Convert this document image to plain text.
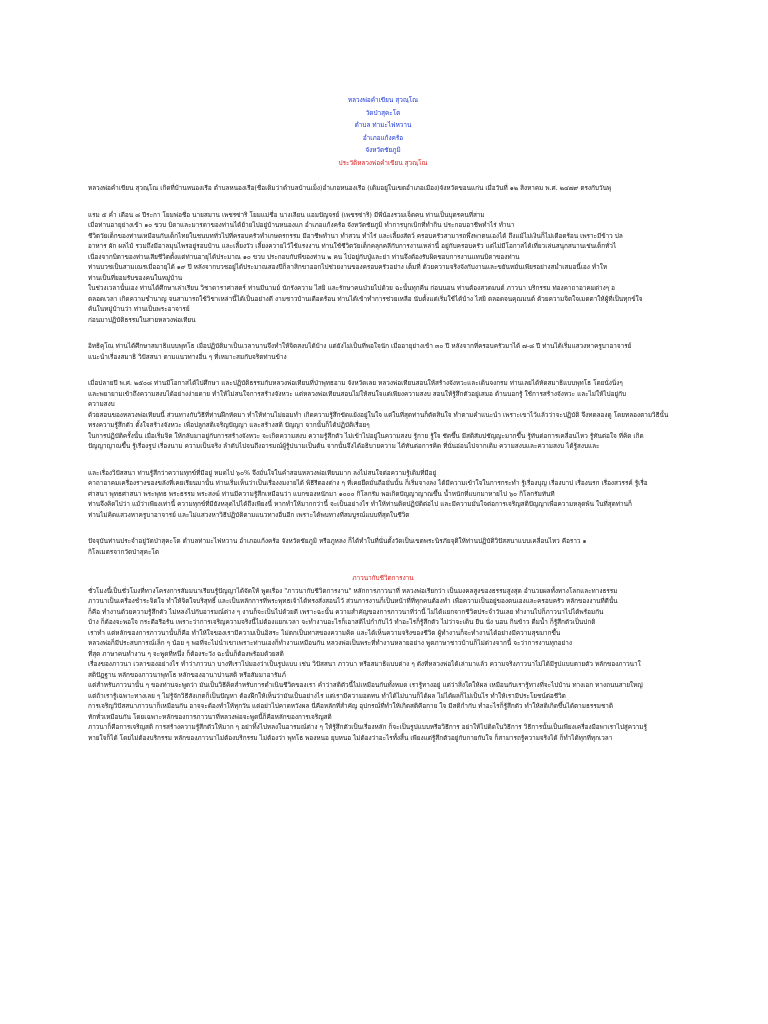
หลวงพ่อคำเขียน สุวณฺโณ
วัดป่าสุคะโต
ตำบล ท่ามะไฟหวาน
อำเภอแก้งคร้อ
จังหวัดชัยภูมิ
ประวัติหลวงพ่อคำเขียน สุวณฺโณ
หลวงพ่อคำเขียน สุวณฺโณ เกิดที่บ้านหนองเรือ ตำบลหนองเรือ(ชื่อเดิมว่าตำบลบ้านเม็ง)อำเภอหนองเรือ (เดิมอยู่ในเขตอำเภอเมือง)จังหวัดขอนแก่น เมื่อวันที่ ๑๒ สิงหาคม พ.ศ. ๒๔๗๙ ตรงกับวันพุ
แรม ๕ ค่ำ เดือน ๘ ปีระกา โยมพ่อชื่อ นายสมาน เพชรซ่าริ โยมแม่ชื่อ นางเลียน แอมปัญจรย์ (เพชรซ่าริ) มีพี่น้องรวมเจ็ดคน ท่านเป็นบุตรคนที่สาม
เมื่อท่านอายุย่างเข้า ๑๐ ขวบ บิดาและมารดาของท่านได้ย้ายไปอยู่บ้านหนองแก อำเภอแก้งคร้อ จังหวัดชัยภูมิ ทำการบุกเบิกที่ทำกิน ประกอบอาชีพทำไร่ ทำนา
ชีวิตวัยเด็กของท่านเหมือนกับเด็กไทยในชนบททั่วไปที่ครอบครัวทำเกษตรกรรม มีอาชีพทำนา ทำสวน ทำไร่ และเลี้ยงสัตว์ ครอบครัวสามารถพึ่งพาตนเองได้ ถึงแม้ไม่เงินก็ไม่เดือดร้อน เพราะมีข้าว ปล
อาหาร ผัก ผลไม้ รวมถึงมีอาลมุนไพรอยู่รอบบ้าน และเลี้ยงวัว เลี้ยงควายไว้ใช้แรงงาน ท่านใช้ชีวิตวัยเด็กคลุกคลีกับการงานเหล่านี้ อยู่กับครอบครัว แต่ไม่มีโอกาสได้เที่ยวเล่นสนุกสนานเช่นเด็กทั่วไ
เนื่องจากบิดาของท่านเสียชีวิตตั้งแต่ท่านอายุได้ประมาณ ๑๐ ขวบ ประกอบกับพี่ของท่าน ๒ คน ไปอยู่กับปู่และย่า ท่านจึงต้องรับผิดชอบการงานแทนบิดาของท่าน
ท่านบวชเป็นสามเณรเมื่ออายุได้ ๑๙ ปี หลังจากบวชอยู่ได้ประมาณสองปีก็ลาสิกขาออกไปช่วยงานของครอบครัวอย่าง เต็มที่ ด้วยความจริงจังกับงานและขยันหมั่นเพียรอย่างสม่ำเสมอนี้เอง ทำให
ท่านเป็นที่ยอมรับของคนในหมู่บ้าน
ในช่วงเวลานั้นเอง ท่านได้ศึกษาเล่าเรียน วิชาดาราศาสตร์ ท่านมีนามย์ นักรังความ ไสยิ และรักษาคนป่วยไปด้วย ฉะนั้นทุกคืน ก่อนนอน ท่านต้องสวดมนต์ ภาวนา บริกรรม ท่องคาถาอาคมต่างๆ อ
ตลอดเวลา เกิดความชำนาญ จนสามารถใช้วิชาเหล่านี้ได้เป็นอย่างดี งามชาวบ้านเดือดร้อน ท่านได้เข้าทำการช่วยเหลือ นับตั้งแต่เริ่มใช้ได้บ้าง ไสยิ ตลอดจนคุณมนต์ ด้วยความจิตใจเมตตาให้ผู้ที่เป็นทุกข์ใจ
ค้นในหมู่บ้านว่า ท่านเป็นพระอาจารย์
ก่อนมาปฏิบัติธรรมในสายหลวงพ่อเทียน
อิทธิคุโณ ท่านได้ศึกษาสมาธิแบบพุทโธ เมื่อปฏิบัติมาเป็นเวลานานจึงทำให้จิตสงบได้บ้าง แต่ยังไม่เป็นที่พอใจนัก เมื่ออายุย่างเข้า ๓๐ ปี หลังจากที่ครอบครัวมาได้ ๗-๘ ปี ท่านได้เริ่มแสวงหาครูบาอาจารย์
แนะนำเรื่องสมาธิ วิปัสสนา ตามแนวทางอื่น ๆ ที่เหมาะสมกับจริตท่านข้าง
เมื่อปลายปี พ.ศ. ๒๕๐๘ ท่านมีโอกาสได้ไปศึกษา และปฏิบัติธรรมกับหลวงพ่อเทียนที่ป่าพุทธอาม จังหวัดเลย หลวงพ่อเทียนสอนให้สร้างจังหวะและเดินจงกรม ท่านเลยได้หัดสมาธิแบบพุทโธ โดยนั่งนิ่งๆ
และพยายามเข้าถึงความสงบได้อย่างง่ายดาย ทำให้ไม่สนใจการสร้างจังหวะ แต่หลวงพ่อเทียนสอนไม่ให้สนใจแต่เพียงความสงบ สอนให้รู้สึกตัวอยู่เสมอ ด้านนอกรู้ ใช้การสร้างจังหวะ และไม่ให้ไปอยู่กับ
ความสงบ
ด้วยสอนของหลวงพ่อเทียนนี้ ส่วนทางกับวิธีที่ท่านฝึกหัดมา ทำให้ท่านไม่ยอมทำ เกิดความรู้สึกขัดแย้งอยู่ในใจ แต่ในที่สุดท่านก็ตัดสินใจ ทำตามคำแนะนำ เพราะเขาไว้แล้วว่าจะปฏิบัติ จึงทดลองดู โดยทลองตามวิธีนั้น
ทรงความรู้สึกตัว ตั้งใจสร้างจังหวะ เพื่อปลูกสติเจริญปัญญา และสร้างสติ ปัญญา จากนั้นก็ได้ปฏิบัติเรื่อยๆ
ในการปฏิบัติครั้งนั้น เมื่อเริ่มจิต ให้กลับมาอยู่กับการสร้างจังหวะ จะเกิดความสงบ ความรู้สึกตัว ไม่เข้าไปอยู่ในความสงบ รู้กาย รู้ใจ ชัดขึ้น มีสติสัมปชัญญะมากขึ้น รู้ทันต่อการเคลื่อนไหว รู้ทันต่อใจ ที่คิด เกิด
ปัญญาญาณขึ้น รู้เรื่องรูป เรื่องนาม ความเป็นจริง ลำดับไปจนถึงอารมณ์ผู้รู้ปนามเป็นต้น จากนั้นจึงได้อธิบายความ ได้ทันต่อการคิด ที่นั่นอ่อนไปจากเดิม ความสงบและความสงบ ได้รู้สงบและ
และเรื่องวิปัสสนา ท่านรู้สึกว่าความทุกข์ที่มีอยู่ หมดไป ๖๐% จึงมั่นใจในคำสอนหลวงพ่อเทียนมาก ลงไม่สนใจต่อความรู้เดิมที่มีอยู่
คาถาอาคมเครื่องรางของขลังที่เคยเรียนมานั้น ท่านเริ่มเห็นว่าเป็นเรื่องงมงายได้ พิธีรีตองต่าง ๆ ที่เคยยึดมั่นถือมั่นนั้น ก็เริ่มจางลง ได้มีความเข้าใจในการกระทำ รู้เรื่องบุญ เรื่องบาป เรื่องนรก เรื่องสวรรค์ รู้เรื่อ
ศาสนา พุทธศาสนา พระพุทธ พระธรรม พระสงฆ์ ท่านมีความรู้สึกเหมือนว่า แบกของหนักมา ๑๐๐๐ กิโลกรัม พอเกิดปัญญาญาณขึ้น น้ำหนักที่แบกมาหายไป ๖๐ กิโลกรัมทันที
ท่านจึงคิดไปว่า แม้ว่าเพียงเท่านี้ ความทุกข์ที่มียังหลุดไปได้ถึงเพียงนี้ หากทำให้มากกว่านี้ จะเป็นอย่างไร ทำให้ท่านติดปฏิบัติต่อไป และมีความมั่นใจต่อการเจริญสติปัญญาเพื่อความหลุดพ้น ในที่สุดท่านก็
ท่านไม่คิดแสวงหาครูบาอาจารย์ และไม่แสวงหาวิธีปฏิบัติตามแนวทางอื่นอีก เพราะได้พบทางที่สมบูรณ์แบบที่สุดในชีวิต
ปัจจุบันท่านประจำอยู่วัดป่าสุคะโต ตำบลท่ามะไฟหวาน อำเภอแก้งคร้อ จังหวัดชัยภูมิ หรือภูหลง ก็ได้ทำในที่นั่นตั้งวัดเป็นเขตพระนิรภัยจุติให้ท่านปฏิบัติวิปัสสนาแบบเคลื่อนไหว คือราว ๑
กิโลเมตรจากวัดป่าสุคะโต
ภาวนากับชีวิตการงาน
ชั่วโมงนี้เป็นชั่วโมงที่ทางโครงการสัมมนาเรียนรู้ปัญญาได้จัดให้ พูดเรื่อง "ภาวนากับชีวิตการงาน" หลักการภาวนาที่ หลวงพ่อเรียกว่า เป็นมงคลสูงของธรรมสูงสุด อำนวยผลทั้งทางโลกและทางธรรม
ภาวนาเป็นเครื่องชำระจิตใจ ทำให้จิตใจบริสุทธิ์ และเป็นหลักการที่พระพุทธเจ้าได้ทรงสั่งสอนไว้ ส่วนการงานก็เป็นหน้าที่ที่ทุกคนต้องทำ เพื่อความเป็นอยู่ของตนเองและครอบครัว หลักของงานที่ดีนั้น
ก็คือ ทำงานด้วยความรู้สึกตัว ไม่หลงไปกับอารมณ์ต่าง ๆ งานก็จะเป็นไปด้วยดี เพราะฉะนั้น ความสำคัญของการภาวนาที่ว่านี้ ไม่ได้แยกจากชีวิตประจำวันเลย ทำงานไปก็ภาวนาไปได้พร้อมกัน
บ้าง ก็ต้องจะพอใจ กระตือรือร้น เพราะว่าการเจริญความจริงนี้ไม่ต้องแยกเวลา จะทำงานอะไรก็เอาสติไปกำกับไว้ ทำอะไรก็รู้สึกตัว ไม่ว่าจะเดิน ยืน นั่ง นอน กินข้าว ดื่มน้ำ ก็รู้สึกตัวเป็นปกติ
เราทำ แต่หลักของการภาวนานั้นก็คือ ทำให้ใจของเรามีความเป็นอิสระ ไม่ตกเป็นทาสของความคิด และได้เห็นความจริงของชีวิต ผู้ทำงานก็จะทำงานได้อย่างมีความสุขมากขึ้น
หลวงพ่อก็มีประสบการณ์เล็ก ๆ น้อย ๆ พอที่จะไม่นำเขาเพราะท่านเองก็ทำงานเหมือนกัน หลวงพ่อเป็นพระที่ทำงานหลายอย่าง พูดภาษาชาวบ้านก็ไม่ต่างจากนี้ จะว่าการงานทุกอย่าง
ที่สุด ภาษาคนทำงาน ๆ จะพูดที่หนึ่ง ก็ต้องระวัง ฉะนั้นก็ต้องพร้อมด้วยสติ
เรื่องของภาวนา เวลาของอย่างไร ทำว่าภาวนา บางทีเราไปมองว่าเป็นรูปแบบ เช่น วิปัสสนา ภาวนา หรือสมาธิแบบต่าง ๆ ดังที่หลวงพ่อได้เล่ามาแล้ว ความจริงภาวนาไม่ได้มีรูปแบบตายตัว หลักของภาวนาใ
สติปัฏฐาน หลักของภาวนาพุทโธ หลักของอานาปานสติ หรือสัมมาอารัมภ์
แต่สำหรับภาวนานั้น ๆ ของท่านจะพูดว่า มันเป็นวิธีคิดสำหรับการดำเนินชีวิตของเรา คำว่าสติตัวนี้ไม่เหมือนกันทั้งหมด เรารู้ทางอยู่ แต่ว่าสิ่งใดให้ผล เหมือนกับเรารู้ทางที่จะไปบ้าน ทางเอก ทางถนนสายใหญ่
แต่ถ้าเรารู้เฉพาะทางเลย ๆ ไม่รู้จักวิธีสังเกตก็เป็นปัญหา ต้องฝึกให้เห็นว่ามันเป็นอย่างไร แต่เรามีความอดทน ทำได้ไม่นานก็ได้ผล ไม่ได้ผลก็ไม่เป็นไร ทำให้เรามีประโยชน์ต่อชีวิต
การเจริญวิปัสสนาภาวนาก็เหมือนกัน อาจจะต้องทำให้ทุกวัน แต่อย่าไปคาดหวังผล นี่คือหลักที่สำคัญ อุปกรณ์ที่ทำให้เกิดสติคือกาย ใจ มีสติกำกับ ทำอะไรก็รู้สึกตัว ทำให้สติเกิดขึ้นได้ตามธรรมชาติ
ทักทั่วเหมือนกัน โดยเฉพาะหลักของการภาวนาที่หลวงพ่อจะพูดนี้ก็คือหลักของการเจริญสติ
ภาวนาก็คือการเจริญสติ การสร้างความรู้สึกตัวให้มาก ๆ อย่าทิ้งไปหลงในอารมณ์ต่าง ๆ ให้รู้สึกตัวเป็นเรื่องหลัก ก็จะเป็นรูปแบบหรือวิธีการ อย่าให้ไปติดในวิธีการ วิธีการนั้นเป็นเพียงเครื่องมือพาเราไปสู่ความรู้
หายใจก็ได้ โดยไม่ต้องบริกรรม หลักของภาวนาไม่ต้องบริกรรม ไม่ต้องว่า พุทโธ พองหนอ ยุบหนอ ไม่ต้องว่าอะไรทั้งสิ้น เพียงแต่รู้สึกตัวอยู่กับกายกับใจ ก็สามารถรู้ความจริงได้ ก็ทำได้ทุกที่ทุกเวลา
